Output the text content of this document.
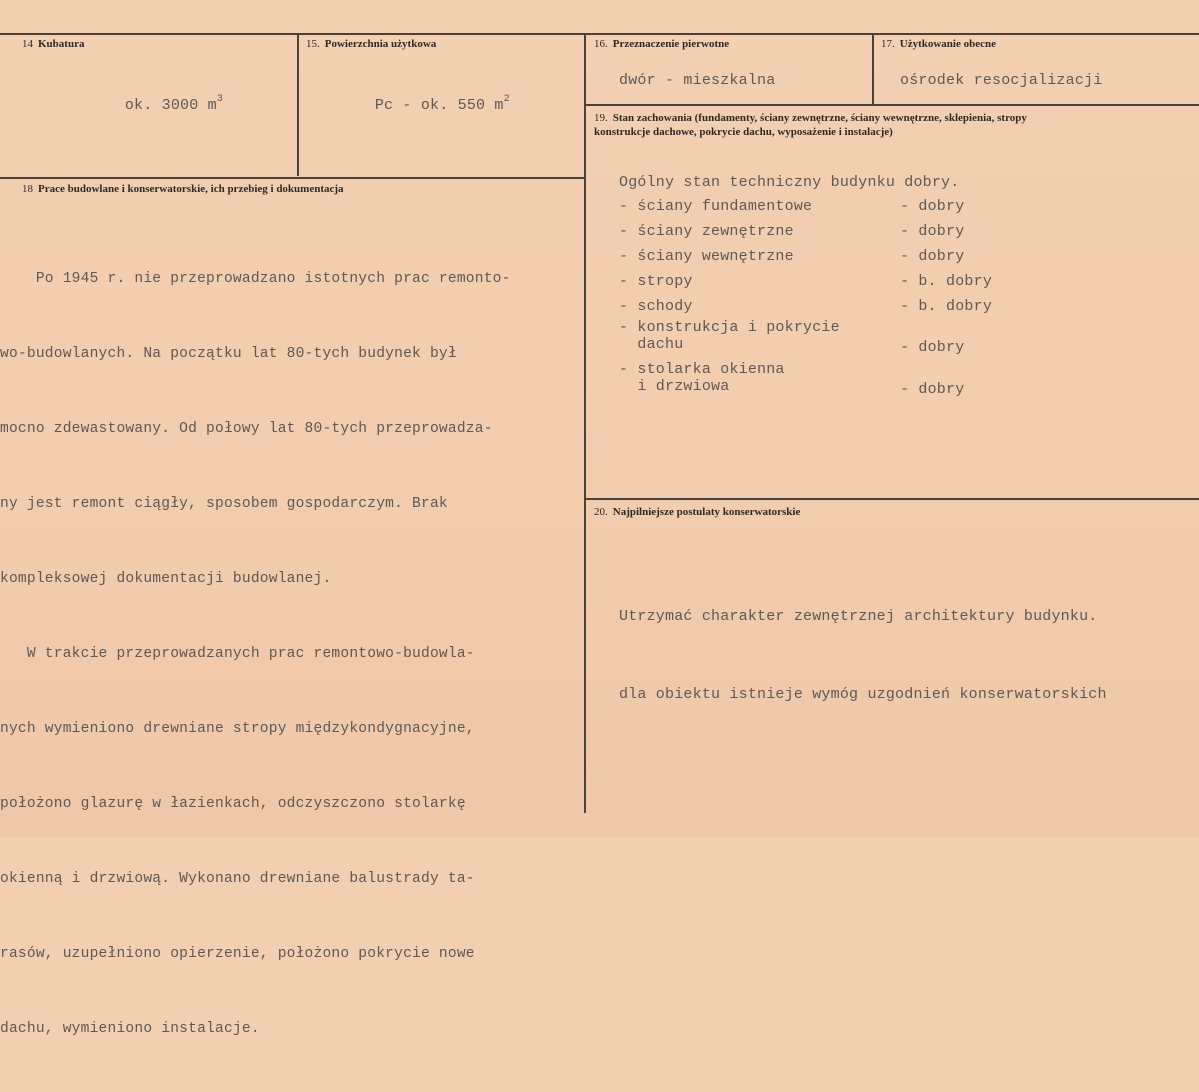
14 Kubatura

ok. 3000 $m^3$

15. Powierzchnia użytkowa

Pc - ok. 550 $m^2$

16. Przeznaczenie pierwotne
dwór - mieszkalna
17. Użytkowanie obecne
ośrodek resocjalizacji
18 Prace budowlane i konserwatorskie, ich przebieg i dokumentacja

Po 1945 r. nie przeprowadzano istotnych prac remonto-

wo-budowlanych. Na początku lat 80-tych budynek był

mocno zdewastowany. Od połowy lat 80-tych przeprowadza-

ny jest remont ciągły, sposobem gospodarczym. Brak

kompleksowej dokumentacji budowlanej.

W trakcie przeprowadzanych prac remontowo-budowla-

nych wymieniono drewniane stropy międzykondygnacyjne,

położono glazurę w łazienkach, odczyszczono stolarkę

okienną i drzwiową. Wykonano drewniane balustrady ta-

rasów, uzupełniono opierzenie, położono pokrycie nowe

dachu, wymieniono instalacje.

19. Stan zachowania (fundamenty, ściany zewnętrzne, ściany wewnętrzne, sklepienia, stropy
konstrukcje dachowe, pokrycie dachu, wyposażenie i instalacje)
Ogólny stan techniczny budynku dobry.
- ściany fundamentowe	- dobry
- ściany zewnętrzne	- dobry
- ściany wewnętrzne	- dobry
- stropy	- b. dobry
- schody	- b. dobry
- konstrukcja i pokrycie
dachu	- dobry
- stolarka okienna
i drzwiowa	- dobry
20. Najpilniejsze postulaty konserwatorskie

Utrzymać charakter zewnętrznej architektury budynku.

dla obiektu istnieje wymóg uzgodnień konserwatorskich
